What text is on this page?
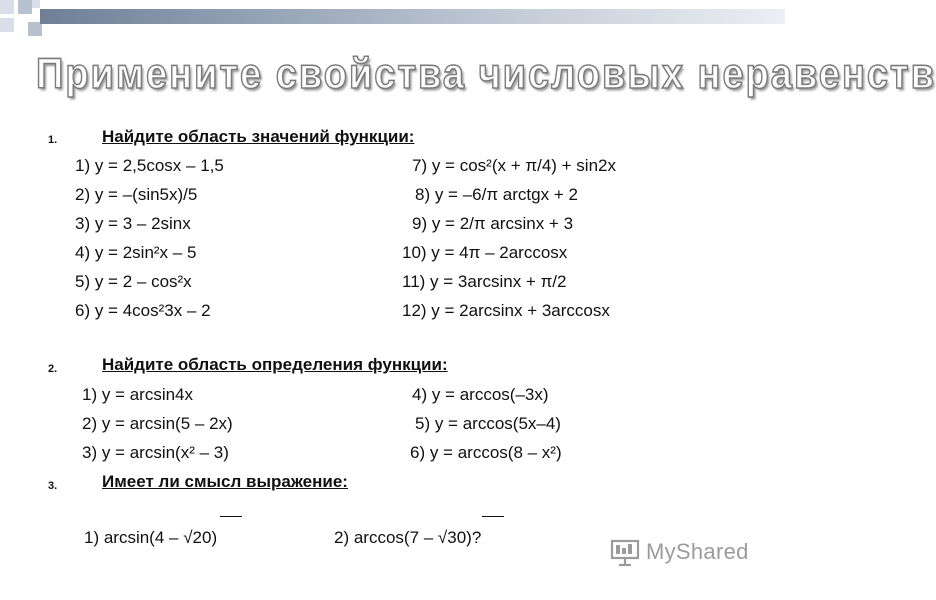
Примените свойства числовых неравенств
1.	Найдите область значений функции:
1) y = 2,5cosx – 1,5
2) y = –(sin5x)/5
3) y = 3 – 2sinx
4) y = 2sin²x – 5
5) y = 2 – cos²x
6) y = 4cos²3x – 2
7) y = cos²(x + π/4) + sin2x
8) y = –6/π arctgx + 2
9) y = 2/π arcsinx + 3
10) y = 4π – 2arccosx
11) y = 3arcsinx + π/2
12) y = 2arcsinx + 3arccosx
2.	Найдите область определения функции:
1) y = arcsin4x
2) y = arcsin(5 – 2x)
3) y = arcsin(x² – 3)
4) y = arccos(–3x)
5) y = arccos(5x–4)
6) y = arccos(8 – x²)
3.	Имеет ли смысл выражение:
1) arcsin(4 – √20)	2) arccos(7 – √30)?
MyShared
